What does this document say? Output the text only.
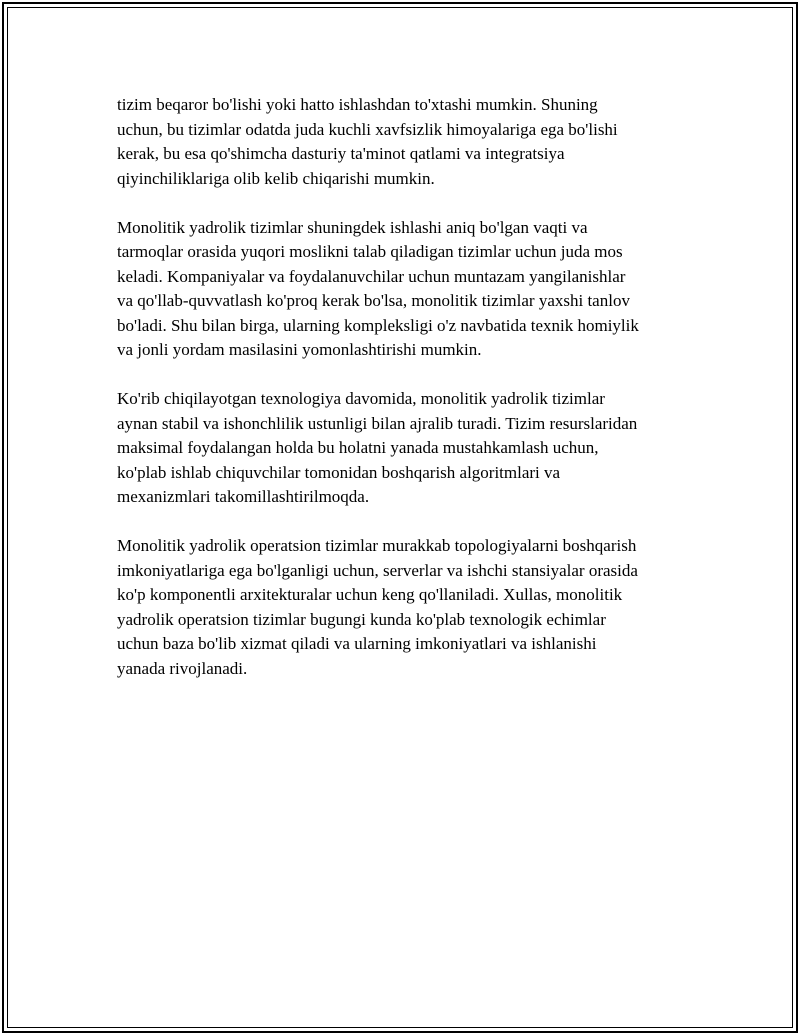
tizim beqaror bo'lishi yoki hatto ishlashdan to'xtashi mumkin. Shuning
uchun, bu tizimlar odatda juda kuchli xavfsizlik himoyalariga ega bo'lishi
kerak, bu esa qo'shimcha dasturiy ta'minot qatlami va integratsiya
qiyinchiliklariga olib kelib chiqarishi mumkin.

Monolitik yadrolik tizimlar shuningdek ishlashi aniq bo'lgan vaqti va
tarmoqlar orasida yuqori moslikni talab qiladigan tizimlar uchun juda mos
keladi. Kompaniyalar va foydalanuvchilar uchun muntazam yangilanishlar
va qo'llab-quvvatlash ko'proq kerak bo'lsa, monolitik tizimlar yaxshi tanlov
bo'ladi. Shu bilan birga, ularning kompleksligi o'z navbatida texnik homiylik
va jonli yordam masilasini yomonlashtirishi mumkin.

Ko'rib chiqilayotgan texnologiya davomida, monolitik yadrolik tizimlar
aynan stabil va ishonchlilik ustunligi bilan ajralib turadi. Tizim resurslaridan
maksimal foydalangan holda bu holatni yanada mustahkamlash uchun,
ko'plab ishlab chiquvchilar tomonidan boshqarish algoritmlari va
mexanizmlari takomillashtirilmoqda.

Monolitik yadrolik operatsion tizimlar murakkab topologiyalarni boshqarish
imkoniyatlariga ega bo'lganligi uchun, serverlar va ishchi stansiyalar orasida
ko'p komponentli arxitekturalar uchun keng qo'llaniladi. Xullas, monolitik
yadrolik operatsion tizimlar bugungi kunda ko'plab texnologik echimlar
uchun baza bo'lib xizmat qiladi va ularning imkoniyatlari va ishlanishi
yanada rivojlanadi.
